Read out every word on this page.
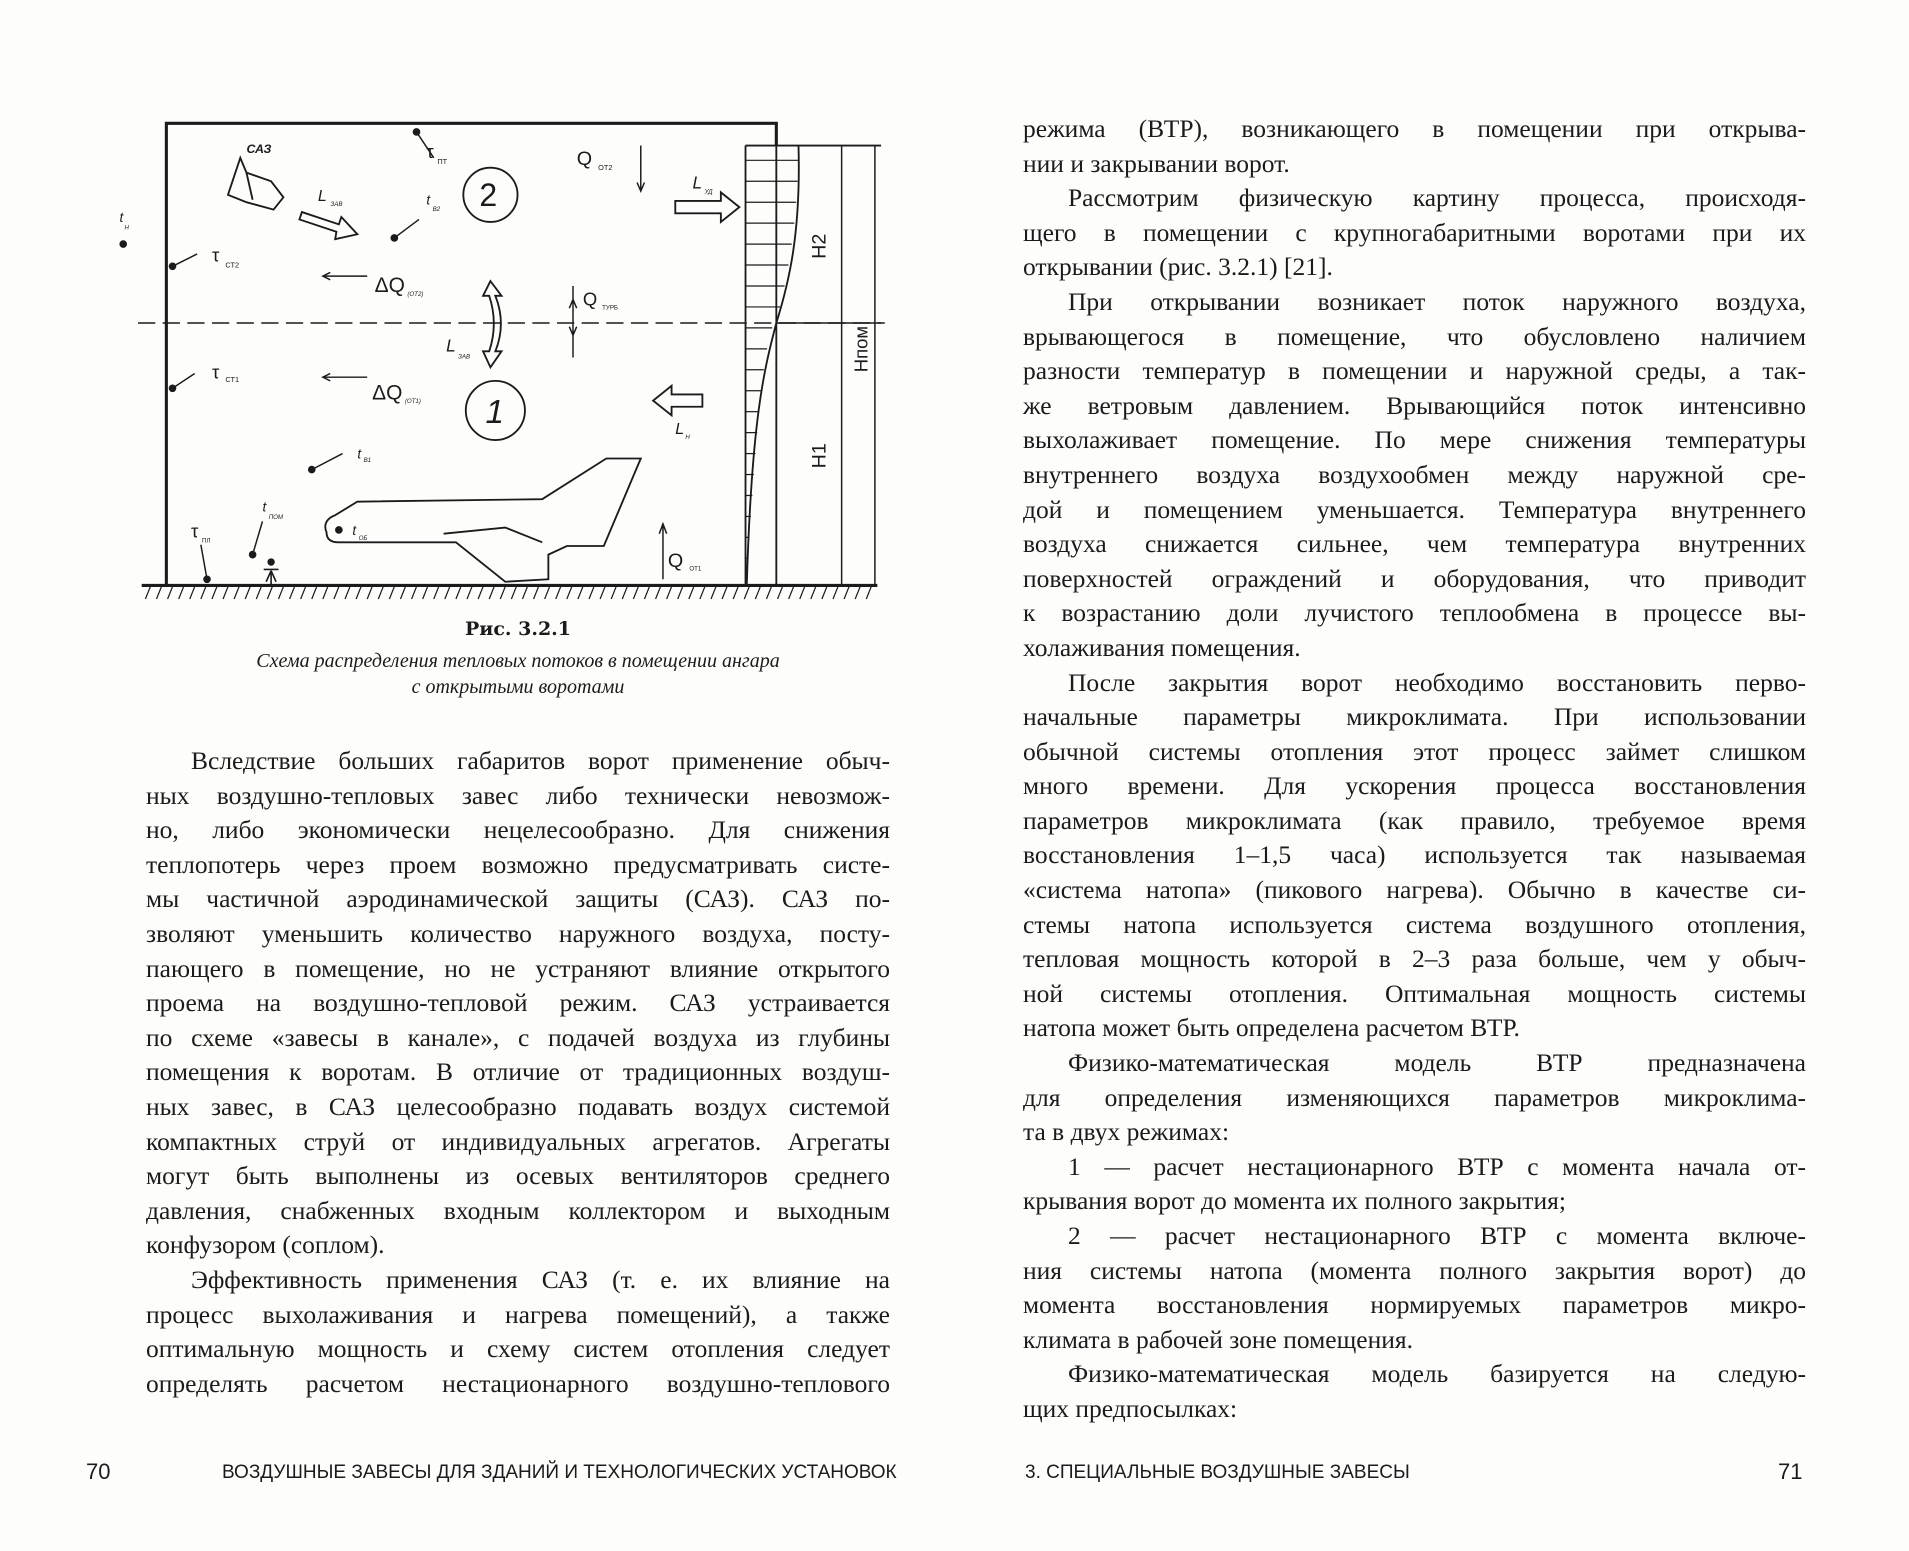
САЗ	τ $_{ПТ}$	Q $_{ОТ2}$
$t_Н$
L $_{ЗАВ}$	$t_{В2}$
L $_{УД}$
τ $_{СТ2}$
ΔQ (ОТ2)	Q $_{ТУРБ}$
$L_{ЗАВ}$
τ $_{СТ1}$
ΔQ (ОТ1)
$L_Н$
t $_{В1}$
$t_{ПОМ}$
$t_{ОБ}$
τ $_{ПЛ}$
Q ОТ1
H2
H1
Hпом
2
1
Рис. 3.2.1
Схема распределения тепловых потоков в помещении ангара
с открытыми воротами
Вследствие больших габаритов ворот применение обыч-
ных воздушно-тепловых завес либо технически невозмож-
но, либо экономически нецелесообразно. Для снижения
теплопотерь через проем возможно предусматривать систе-
мы частичной аэродинамической защиты (САЗ). САЗ по-
зволяют уменьшить количество наружного воздуха, посту-
пающего в помещение, но не устраняют влияние открытого
проема на воздушно-тепловой режим. САЗ устраивается
по схеме «завесы в канале», с подачей воздуха из глубины
помещения к воротам. В отличие от традиционных воздуш-
ных завес, в САЗ целесообразно подавать воздух системой
компактных струй от индивидуальных агрегатов. Агрегаты
могут быть выполнены из осевых вентиляторов среднего
давления, снабженных входным коллектором и выходным
конфузором (соплом).
Эффективность применения САЗ (т. е. их влияние на
процесс выхолаживания и нагрева помещений), а также
оптимальную мощность и схему систем отопления следует
определять расчетом нестационарного воздушно-теплового
режима (ВТР), возникающего в помещении при открыва-
нии и закрывании ворот.
Рассмотрим физическую картину процесса, происходя-
щего в помещении с крупногабаритными воротами при их
открывании (рис. 3.2.1) [21].
При открывании возникает поток наружного воздуха,
врывающегося в помещение, что обусловлено наличием
разности температур в помещении и наружной среды, а так-
же ветровым давлением. Врывающийся поток интенсивно
выхолаживает помещение. По мере снижения температуры
внутреннего воздуха воздухообмен между наружной сре-
дой и помещением уменьшается. Температура внутреннего
воздуха снижается сильнее, чем температура внутренних
поверхностей ограждений и оборудования, что приводит
к возрастанию доли лучистого теплообмена в процессе вы-
холаживания помещения.
После закрытия ворот необходимо восстановить перво-
начальные параметры микроклимата. При использовании
обычной системы отопления этот процесс займет слишком
много времени. Для ускорения процесса восстановления
параметров микроклимата (как правило, требуемое время
восстановления 1–1,5 часа) используется так называемая
«система натопа» (пикового нагрева). Обычно в качестве си-
стемы натопа используется система воздушного отопления,
тепловая мощность которой в 2–3 раза больше, чем у обыч-
ной системы отопления. Оптимальная мощность системы
натопа может быть определена расчетом ВТР.
Физико-математическая модель ВТР предназначена
для определения изменяющихся параметров микроклима-
та в двух режимах:
1 — расчет нестационарного ВТР с момента начала от-
крывания ворот до момента их полного закрытия;
2 — расчет нестационарного ВТР с момента включе-
ния системы натопа (момента полного закрытия ворот) до
момента восстановления нормируемых параметров микро-
климата в рабочей зоне помещения.
Физико-математическая модель базируется на следую-
щих предпосылках:
70	ВОЗДУШНЫЕ ЗАВЕСЫ ДЛЯ ЗДАНИЙ И ТЕХНОЛОГИЧЕСКИХ УСТАНОВОК	3. СПЕЦИАЛЬНЫЕ ВОЗДУШНЫЕ ЗАВЕСЫ	71
